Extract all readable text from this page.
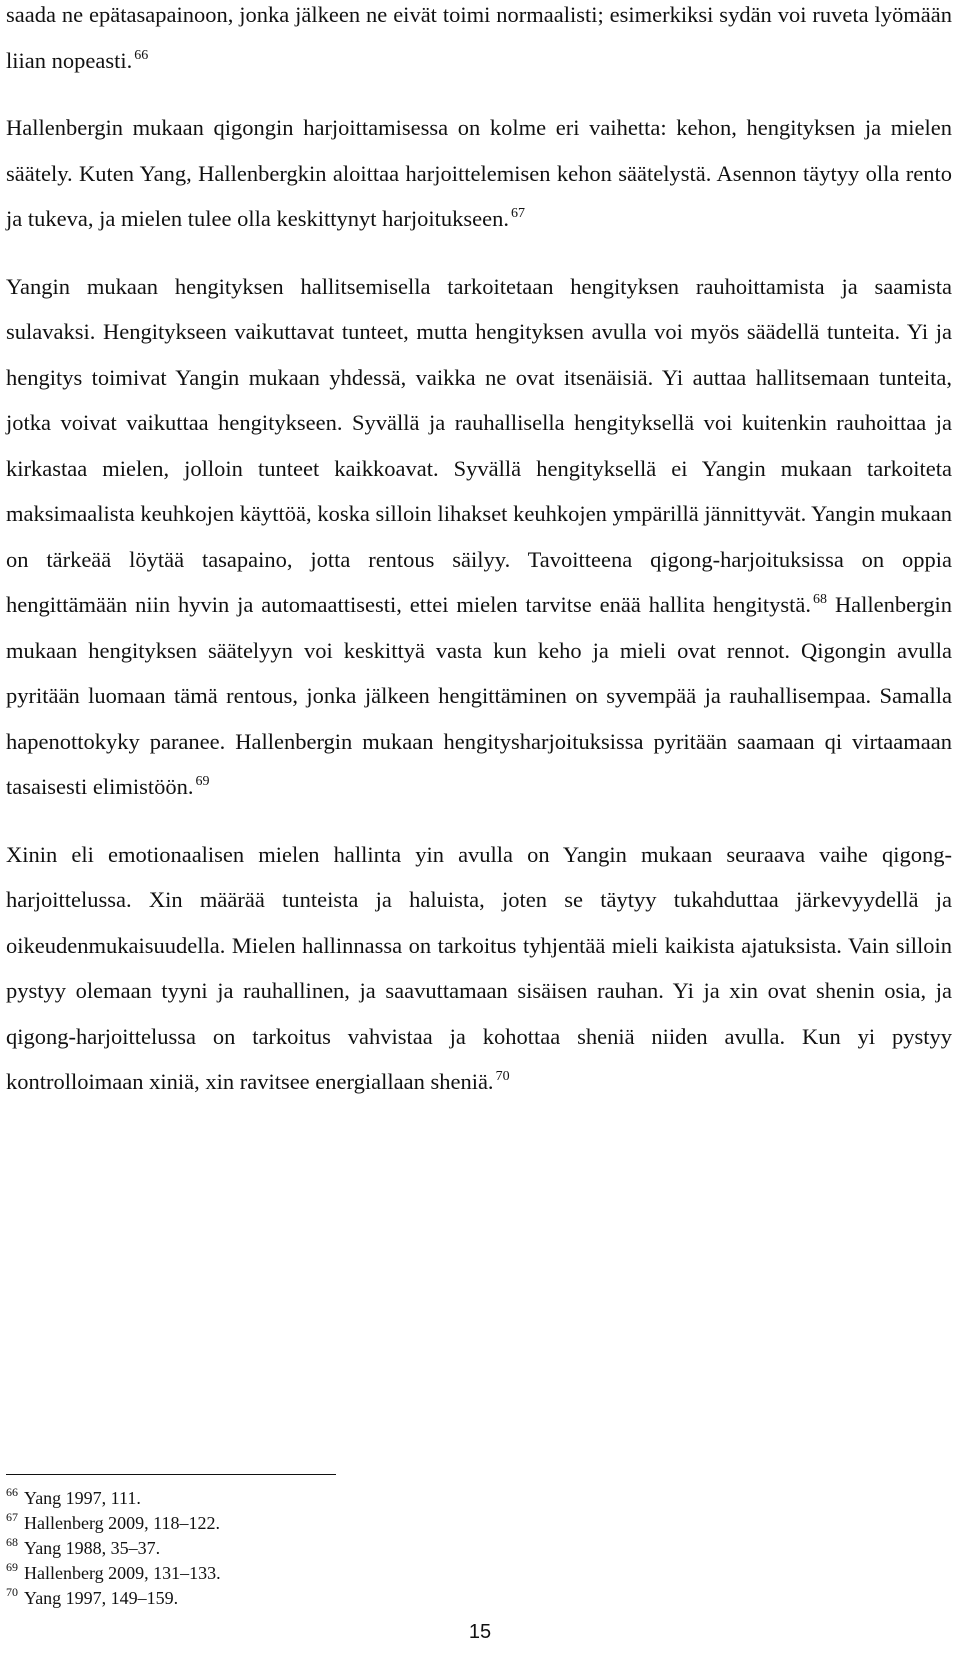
saada ne epätasapainoon, jonka jälkeen ne eivät toimi normaalisti; esimerkiksi sydän voi ruveta lyömään liian nopeasti. $^{66}$

Hallenbergin mukaan qigongin harjoittamisessa on kolme eri vaihetta: kehon, hengityksen ja mielen säätely. Kuten Yang, Hallenbergkin aloittaa harjoittelemisen kehon säätelystä. Asennon täytyy olla rento ja tukeva, ja mielen tulee olla keskittynyt harjoitukseen. $^{67}$

Yangin mukaan hengityksen hallitsemisella tarkoitetaan hengityksen rauhoittamista ja saamista sulavaksi. Hengitykseen vaikuttavat tunteet, mutta hengityksen avulla voi myös säädellä tunteita. Yi ja hengitys toimivat Yangin mukaan yhdessä, vaikka ne ovat itsenäisiä. Yi auttaa hallitsemaan tunteita, jotka voivat vaikuttaa hengitykseen. Syvällä ja rauhallisella hengityksellä voi kuitenkin rauhoittaa ja kirkastaa mielen, jolloin tunteet kaikkoavat. Syvällä hengityksellä ei Yangin mukaan tarkoiteta maksimaalista keuhkojen käyttöä, koska silloin lihakset keuhkojen ympärillä jännittyvät. Yangin mukaan on tärkeää löytää tasapaino, jotta rentous säilyy. Tavoitteena qigong-harjoituksissa on oppia hengittämään niin hyvin ja automaattisesti, ettei mielen tarvitse enää hallita hengitystä. $^{68}$ Hallenbergin mukaan hengityksen säätelyyn voi keskittyä vasta kun keho ja mieli ovat rennot. Qigongin avulla pyritään luomaan tämä rentous, jonka jälkeen hengittäminen on syvempää ja rauhallisempaa. Samalla hapenottokyky paranee. Hallenbergin mukaan hengitysharjoituksissa pyritään saamaan qi virtaamaan tasaisesti elimistöön. $^{69}$

Xinin eli emotionaalisen mielen hallinta yin avulla on Yangin mukaan seuraava vaihe qigong-harjoittelussa. Xin määrää tunteista ja haluista, joten se täytyy tukahduttaa järkevyydellä ja oikeudenmukaisuudella. Mielen hallinnassa on tarkoitus tyhjentää mieli kaikista ajatuksista. Vain silloin pystyy olemaan tyyni ja rauhallinen, ja saavuttamaan sisäisen rauhan. Yi ja xin ovat shenin osia, ja qigong-harjoittelussa on tarkoitus vahvistaa ja kohottaa sheniä niiden avulla. Kun yi pystyy kontrolloimaan xiniä, xin ravitsee energiallaan sheniä. $^{70}$

$^{66}$ Yang 1997, 111.
$^{67}$ Hallenberg 2009, 118–122.
$^{68}$ Yang 1988, 35–37.
$^{69}$ Hallenberg 2009, 131–133.
$^{70}$ Yang 1997, 149–159.
15
